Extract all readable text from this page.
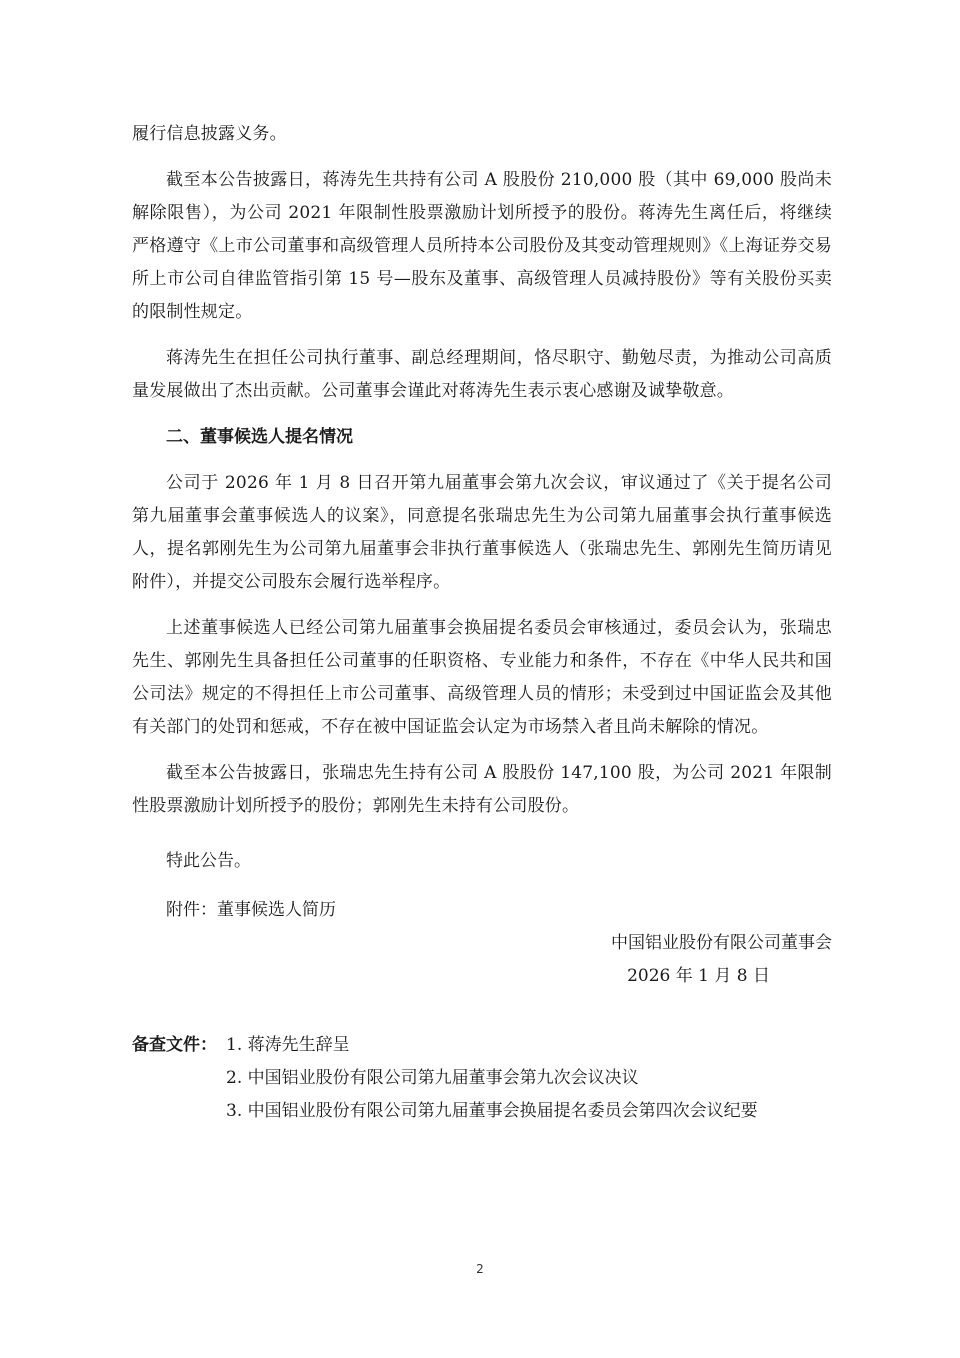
履行信息披露义务。

截至本公告披露日，蒋涛先生共持有公司 A 股股份 210,000 股（其中 69,000 股尚未解除限售），为公司 2021 年限制性股票激励计划所授予的股份。蒋涛先生离任后，将继续严格遵守《上市公司董事和高级管理人员所持本公司股份及其变动管理规则》《上海证券交易所上市公司自律监管指引第 15 号—股东及董事、高级管理人员减持股份》等有关股份买卖的限制性规定。

蒋涛先生在担任公司执行董事、副总经理期间，恪尽职守、勤勉尽责，为推动公司高质量发展做出了杰出贡献。公司董事会谨此对蒋涛先生表示衷心感谢及诚挚敬意。

二、董事候选人提名情况

公司于 2026 年 1 月 8 日召开第九届董事会第九次会议，审议通过了《关于提名公司第九届董事会董事候选人的议案》，同意提名张瑞忠先生为公司第九届董事会执行董事候选人，提名郭刚先生为公司第九届董事会非执行董事候选人（张瑞忠先生、郭刚先生简历请见附件），并提交公司股东会履行选举程序。

上述董事候选人已经公司第九届董事会换届提名委员会审核通过，委员会认为，张瑞忠先生、郭刚先生具备担任公司董事的任职资格、专业能力和条件，不存在《中华人民共和国公司法》规定的不得担任上市公司董事、高级管理人员的情形；未受到过中国证监会及其他有关部门的处罚和惩戒，不存在被中国证监会认定为市场禁入者且尚未解除的情况。

截至本公告披露日，张瑞忠先生持有公司 A 股股份 147,100 股，为公司 2021 年限制性股票激励计划所授予的股份；郭刚先生未持有公司股份。

特此公告。
附件：董事候选人简历
中国铝业股份有限公司董事会
2026 年 1 月 8 日
备查文件： 1. 蒋涛先生辞呈
2. 中国铝业股份有限公司第九届董事会第九次会议决议
3. 中国铝业股份有限公司第九届董事会换届提名委员会第四次会议纪要
2
